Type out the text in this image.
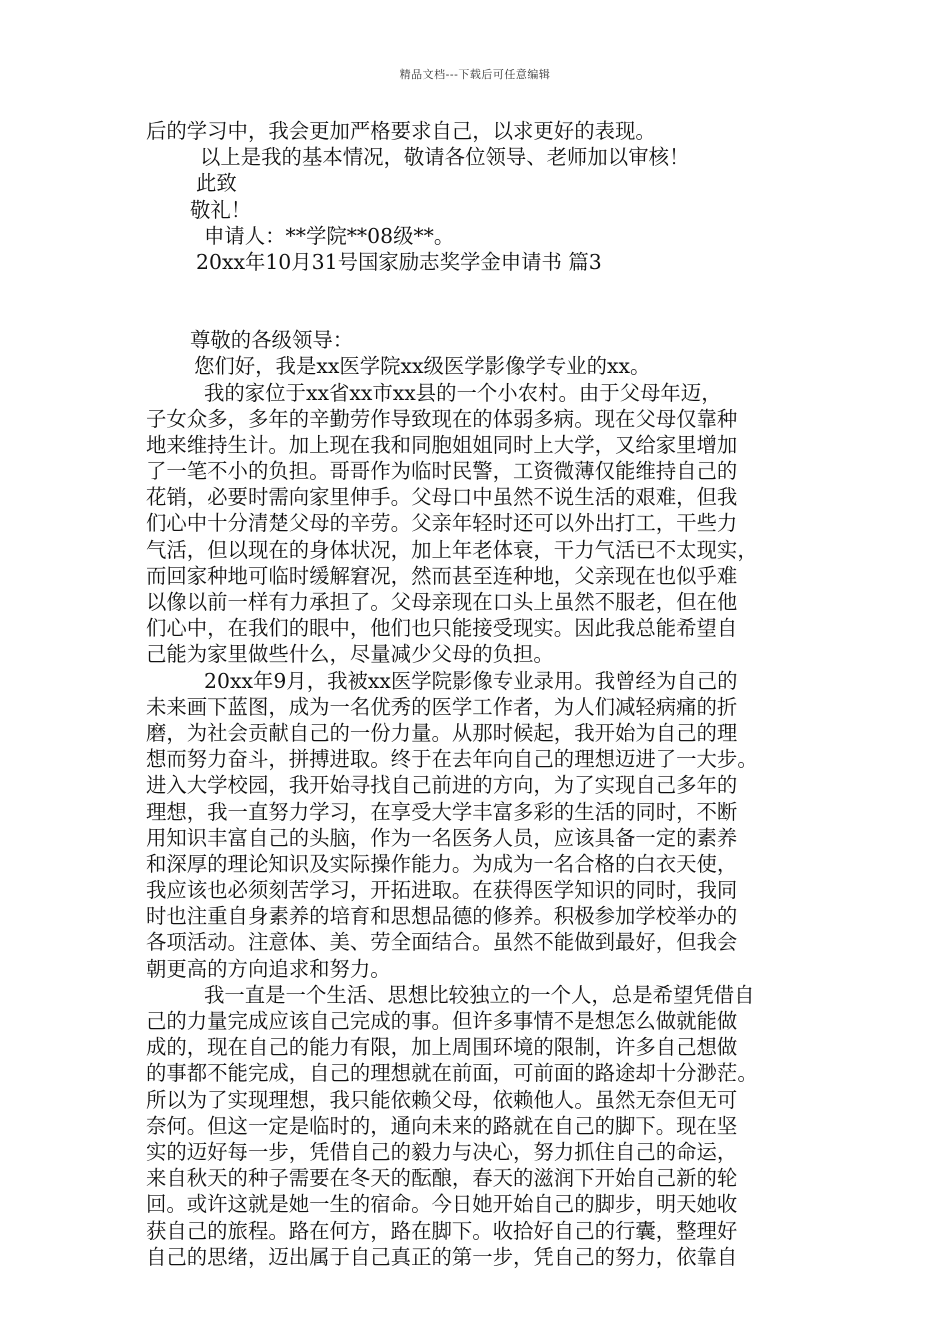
精品文档---下载后可任意编辑
后的学习中，我会更加严格要求自己，以求更好的表现。
以上是我的基本情况，敬请各位领导、老师加以审核！
此致
敬礼！
申请人：**学院**08级**。
20xx年10月31号国家励志奖学金申请书 篇3
尊敬的各级领导：
您们好，我是xx医学院xx级医学影像学专业的xx。
我的家位于xx省xx市xx县的一个小农村。由于父母年迈，
子女众多，多年的辛勤劳作导致现在的体弱多病。现在父母仅靠种
地来维持生计。加上现在我和同胞姐姐同时上大学，又给家里增加
了一笔不小的负担。哥哥作为临时民警，工资微薄仅能维持自己的
花销，必要时需向家里伸手。父母口中虽然不说生活的艰难，但我
们心中十分清楚父母的辛劳。父亲年轻时还可以外出打工，干些力
气活，但以现在的身体状况，加上年老体衰，干力气活已不太现实，
而回家种地可临时缓解窘况，然而甚至连种地，父亲现在也似乎难
以像以前一样有力承担了。父母亲现在口头上虽然不服老，但在他
们心中，在我们的眼中，他们也只能接受现实。因此我总能希望自
己能为家里做些什么，尽量减少父母的负担。
20xx年9月，我被xx医学院影像专业录用。我曾经为自己的
未来画下蓝图，成为一名优秀的医学工作者，为人们减轻病痛的折
磨，为社会贡献自己的一份力量。从那时候起，我开始为自己的理
想而努力奋斗，拼搏进取。终于在去年向自己的理想迈进了一大步。
进入大学校园，我开始寻找自己前进的方向，为了实现自己多年的
理想，我一直努力学习，在享受大学丰富多彩的生活的同时，不断
用知识丰富自己的头脑，作为一名医务人员，应该具备一定的素养
和深厚的理论知识及实际操作能力。为成为一名合格的白衣天使，
我应该也必须刻苦学习，开拓进取。在获得医学知识的同时，我同
时也注重自身素养的培育和思想品德的修养。积极参加学校举办的
各项活动。注意体、美、劳全面结合。虽然不能做到最好，但我会
朝更高的方向追求和努力。
我一直是一个生活、思想比较独立的一个人，总是希望凭借自
己的力量完成应该自己完成的事。但许多事情不是想怎么做就能做
成的，现在自己的能力有限，加上周围环境的限制，许多自己想做
的事都不能完成，自己的理想就在前面，可前面的路途却十分渺茫。
所以为了实现理想，我只能依赖父母，依赖他人。虽然无奈但无可
奈何。但这一定是临时的，通向未来的路就在自己的脚下。现在坚
实的迈好每一步，凭借自己的毅力与决心，努力抓住自己的命运，
来自秋天的种子需要在冬天的酝酿，春天的滋润下开始自己新的轮
回。或许这就是她一生的宿命。今日她开始自己的脚步，明天她收
获自己的旅程。路在何方，路在脚下。收拾好自己的行囊，整理好
自己的思绪，迈出属于自己真正的第一步，凭自己的努力，依靠自
